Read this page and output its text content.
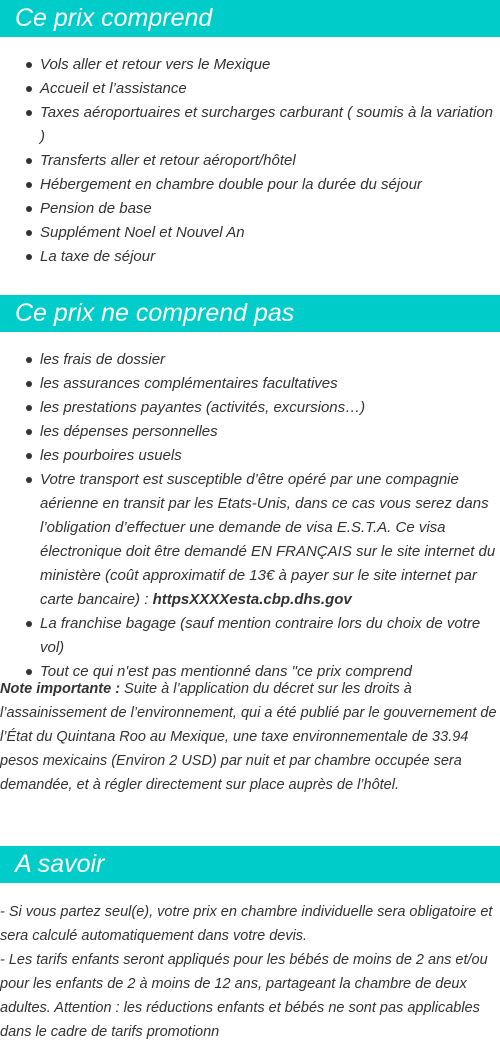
Ce prix comprend
Vols aller et retour vers le Mexique
Accueil et l’assistance
Taxes aéroportuaires et surcharges carburant ( soumis à la variation )
Transferts aller et retour aéroport/hôtel
Hébergement en chambre double pour la durée du séjour
Pension de base
Supplément Noel et Nouvel An
La taxe de séjour
Ce prix ne comprend pas
les frais de dossier
les assurances complémentaires facultatives
les prestations payantes (activités, excursions…)
les dépenses personnelles
les pourboires usuels
Votre transport est susceptible d’être opéré par une compagnie aérienne en transit par les Etats-Unis, dans ce cas vous serez dans l’obligation d’effectuer une demande de visa E.S.T.A. Ce visa électronique doit être demandé EN FRANÇAIS sur le site internet du ministère (coût approximatif de 13€ à payer sur le site internet par carte bancaire) : httpsXXXXesta.cbp.dhs.gov
La franchise bagage (sauf mention contraire lors du choix de votre vol)
Tout ce qui n'est pas mentionné dans "ce prix comprend

Note importante : Suite à l’application du décret sur les droits à l’assainissement de l’environnement, qui a été publié par le gouvernement de l’État du Quintana Roo au Mexique, une taxe environnementale de 33.94 pesos mexicains (Environ 2 USD) par nuit et par chambre occupée sera demandée, et à régler directement sur place auprès de l’hôtel.

A savoir

- Si vous partez seul(e), votre prix en chambre individuelle sera obligatoire et sera calculé automatiquement dans votre devis.
- Les tarifs enfants seront appliqués pour les bébés de moins de 2 ans et/ou pour les enfants de 2 à moins de 12 ans, partageant la chambre de deux adultes. Attention : les réductions enfants et bébés ne sont pas applicables dans le cadre de tarifs promotionn
